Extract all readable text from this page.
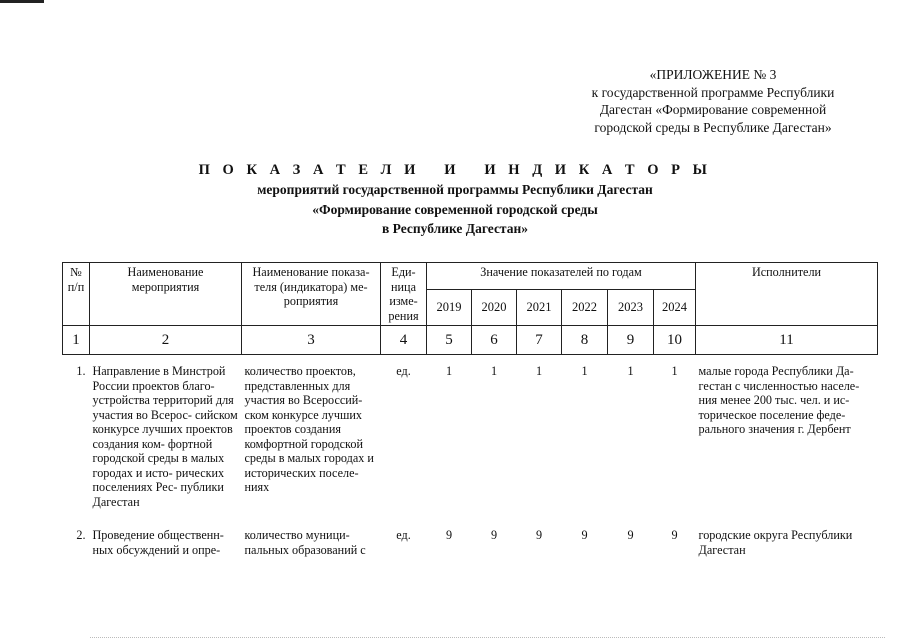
«ПРИЛОЖЕНИЕ № 3
к государственной программе Республики
Дагестан «Формирование современной
городской среды в Республике Дагестан»
П О К А З А Т Е Л И   И   И Н Д И К А Т О Р Ы
мероприятий государственной программы Республики Дагестан
«Формирование современной городской среды
в Республике Дагестан»
№ п/п	Наименование мероприятия	Наименование показа- теля (индикатора) ме- роприятия	Еди- ница изме- рения	Значение показателей по годам						Исполнители
				2019	2020	2021	2022	2023	2024	
1	2	3	4	5	6	7	8	9	10	11
1.	Направление в Минстрой России проектов благо- устройства территорий для участия во Всерос- сийском конкурсе лучших проектов создания ком- фортной городской среды в малых городах и исто- рических поселениях Рес- публики Дагестан	количество проектов, представленных для участия во Всероссий- ском конкурсе лучших проектов создания комфортной городской среды в малых городах и исторических поселе- ниях	ед.	1	1	1	1	1	1	малые города Республики Да- гестан с численностью населе- ния менее 200 тыс. чел. и ис- торическое поселение феде- рального значения г. Дербент
2.	Проведение общественн- ных обсуждений и опре-	количество муници- пальных образований с	ед.	9	9	9	9	9	9	городские округа Республики Дагестан
